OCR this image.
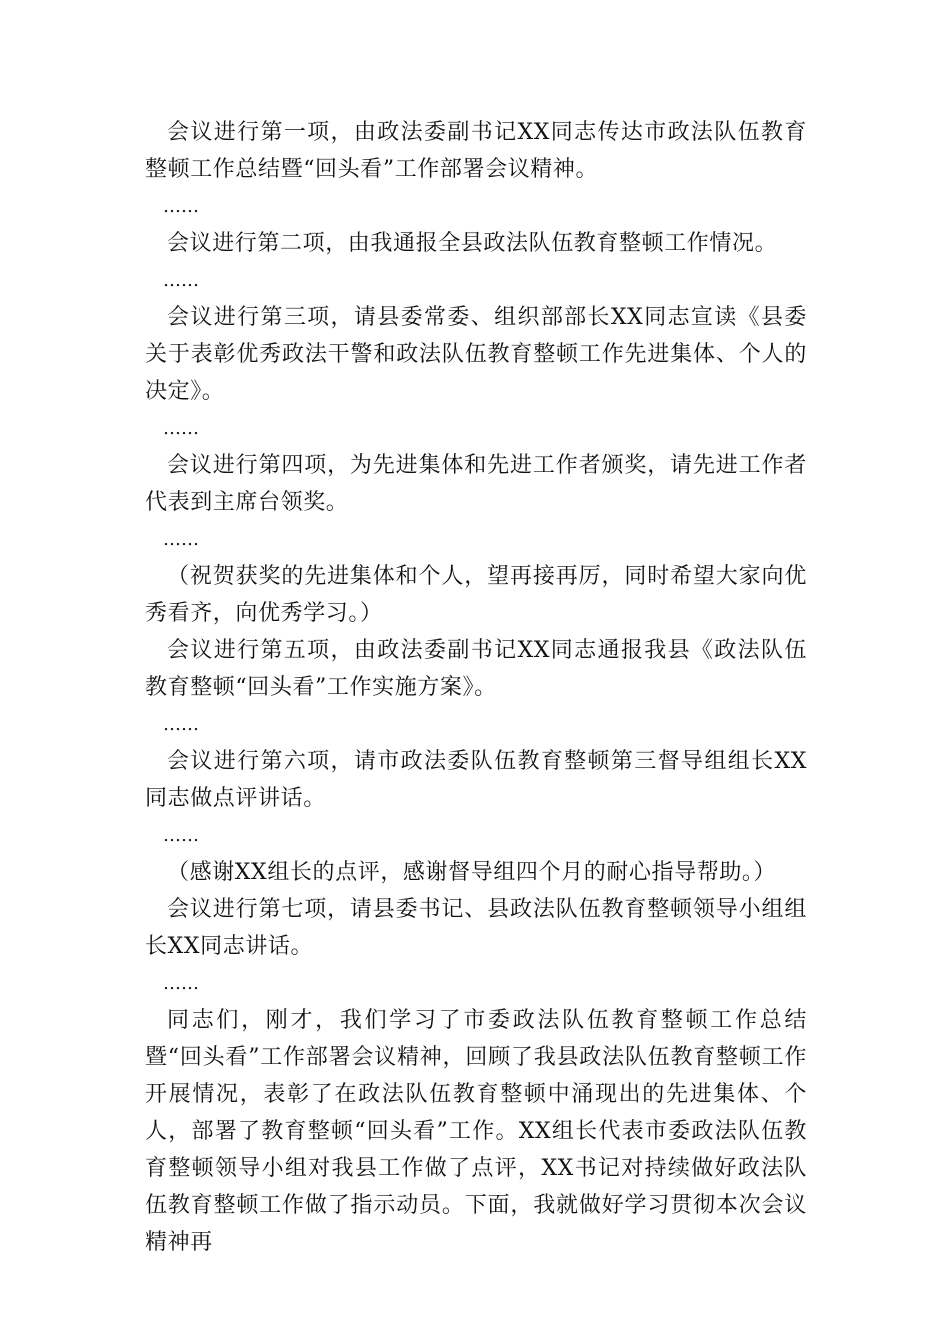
会议进行第一项，由政法委副书记XX同志传达市政法队伍教育整顿工作总结暨“回头看”工作部署会议精神。

……

会议进行第二项，由我通报全县政法队伍教育整顿工作情况。

……

会议进行第三项，请县委常委、组织部部长XX同志宣读《县委关于表彰优秀政法干警和政法队伍教育整顿工作先进集体、个人的决定》。

……

会议进行第四项，为先进集体和先进工作者颁奖，请先进工作者代表到主席台领奖。

……

（祝贺获奖的先进集体和个人，望再接再厉，同时希望大家向优秀看齐，向优秀学习。）

会议进行第五项，由政法委副书记XX同志通报我县《政法队伍教育整顿“回头看”工作实施方案》。

……

会议进行第六项，请市政法委队伍教育整顿第三督导组组长XX同志做点评讲话。

……

（感谢XX组长的点评，感谢督导组四个月的耐心指导帮助。）

会议进行第七项，请县委书记、县政法队伍教育整顿领导小组组长XX同志讲话。

……

同志们，刚才，我们学习了市委政法队伍教育整顿工作总结暨“回头看”工作部署会议精神，回顾了我县政法队伍教育整顿工作开展情况，表彰了在政法队伍教育整顿中涌现出的先进集体、个人，部署了教育整顿“回头看”工作。XX组长代表市委政法队伍教育整顿领导小组对我县工作做了点评，XX书记对持续做好政法队伍教育整顿工作做了指示动员。下面，我就做好学习贯彻本次会议精神再
